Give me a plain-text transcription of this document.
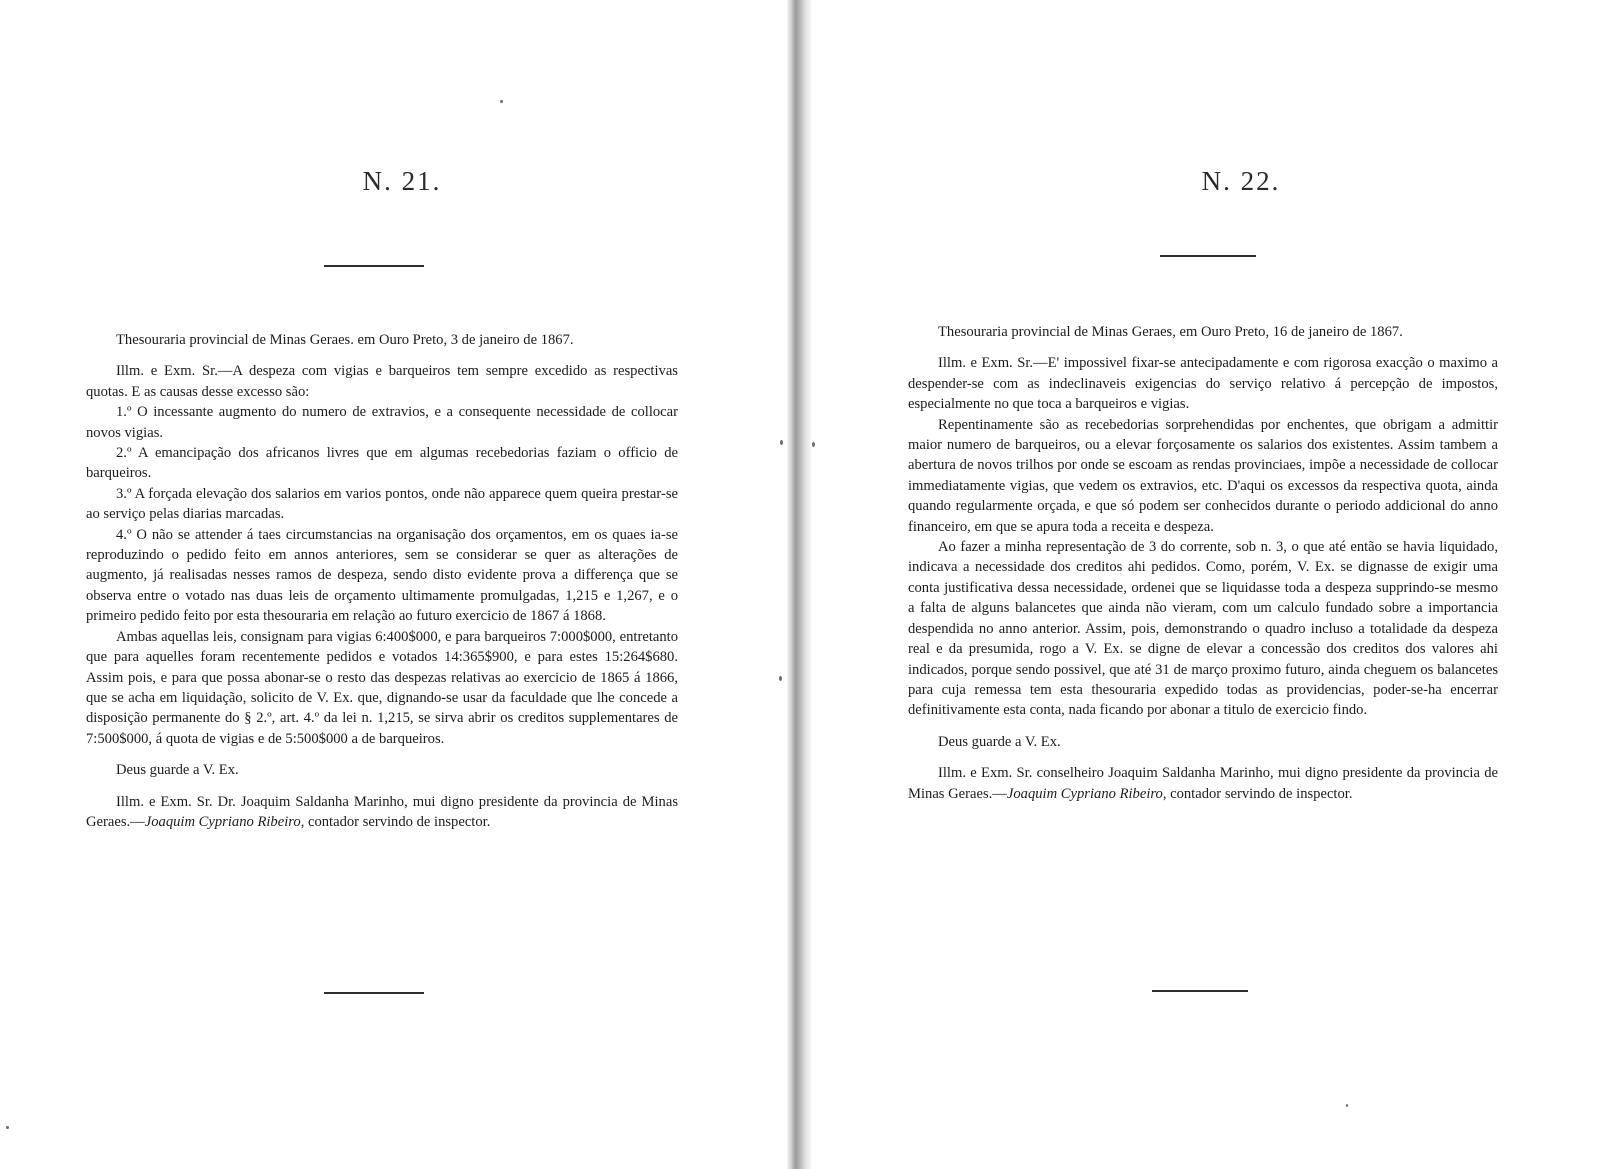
N. 21.

Thesouraria provincial de Minas Geraes. em Ouro Preto, 3 de janeiro de 1867.

Illm. e Exm. Sr.—A despeza com vigias e barqueiros tem sempre excedido as respectivas quotas. E as causas desse excesso são:

1.º O incessante augmento do numero de extravios, e a consequente necessidade de collocar novos vigias.

2.º A emancipação dos africanos livres que em algumas recebedorias faziam o officio de barqueiros.

3.º A forçada elevação dos salarios em varios pontos, onde não apparece quem queira prestar-se ao serviço pelas diarias marcadas.

4.º O não se attender á taes circumstancias na organisação dos orçamentos, em os quaes ia-se reproduzindo o pedido feito em annos anteriores, sem se considerar se quer as alterações de augmento, já realisadas nesses ramos de despeza, sendo disto evidente prova a differença que se observa entre o votado nas duas leis de orçamento ultimamente promulgadas, 1,215 e 1,267, e o primeiro pedido feito por esta thesouraria em relação ao futuro exercicio de 1867 á 1868.

Ambas aquellas leis, consignam para vigias 6:400$000, e para barqueiros 7:000$000, entretanto que para aquelles foram recentemente pedidos e votados 14:365$900, e para estes 15:264$680. Assim pois, e para que possa abonar-se o resto das despezas relativas ao exercicio de 1865 á 1866, que se acha em liquidação, solicito de V. Ex. que, dignando-se usar da faculdade que lhe concede a disposição permanente do § 2.º, art. 4.º da lei n. 1,215, se sirva abrir os creditos supplementares de 7:500$000, á quota de vigias e de 5:500$000 a de barqueiros.

Deus guarde a V. Ex.

Illm. e Exm. Sr. Dr. Joaquim Saldanha Marinho, mui digno presidente da provincia de Minas Geraes.—Joaquim Cypriano Ribeiro, contador servindo de inspector.

N. 22.

Thesouraria provincial de Minas Geraes, em Ouro Preto, 16 de janeiro de 1867.

Illm. e Exm. Sr.—E' impossivel fixar-se antecipadamente e com rigorosa exacção o maximo a despender-se com as indeclinaveis exigencias do serviço relativo á percepção de impostos, especialmente no que toca a barqueiros e vigias.

Repentinamente são as recebedorias sorprehendidas por enchentes, que obrigam a admittir maior numero de barqueiros, ou a elevar forçosamente os salarios dos existentes. Assim tambem a abertura de novos trilhos por onde se escoam as rendas provinciaes, impõe a necessidade de collocar immediatamente vigias, que vedem os extravios, etc. D'aqui os excessos da respectiva quota, ainda quando regularmente orçada, e que só podem ser conhecidos durante o periodo addicional do anno financeiro, em que se apura toda a receita e despeza.

Ao fazer a minha representação de 3 do corrente, sob n. 3, o que até então se havia liquidado, indicava a necessidade dos creditos ahi pedidos. Como, porém, V. Ex. se dignasse de exigir uma conta justificativa dessa necessidade, ordenei que se liquidasse toda a despeza supprindo-se mesmo a falta de alguns balancetes que ainda não vieram, com um calculo fundado sobre a importancia despendida no anno anterior. Assim, pois, demonstrando o quadro incluso a totalidade da despeza real e da presumida, rogo a V. Ex. se digne de elevar a concessão dos creditos dos valores ahi indicados, porque sendo possivel, que até 31 de março proximo futuro, ainda cheguem os balancetes para cuja remessa tem esta thesouraria expedido todas as providencias, poder-se-ha encerrar definitivamente esta conta, nada ficando por abonar a titulo de exercicio findo.

Deus guarde a V. Ex.

Illm. e Exm. Sr. conselheiro Joaquim Saldanha Marinho, mui digno presidente da provincia de Minas Geraes.—Joaquim Cypriano Ribeiro, contador servindo de inspector.
